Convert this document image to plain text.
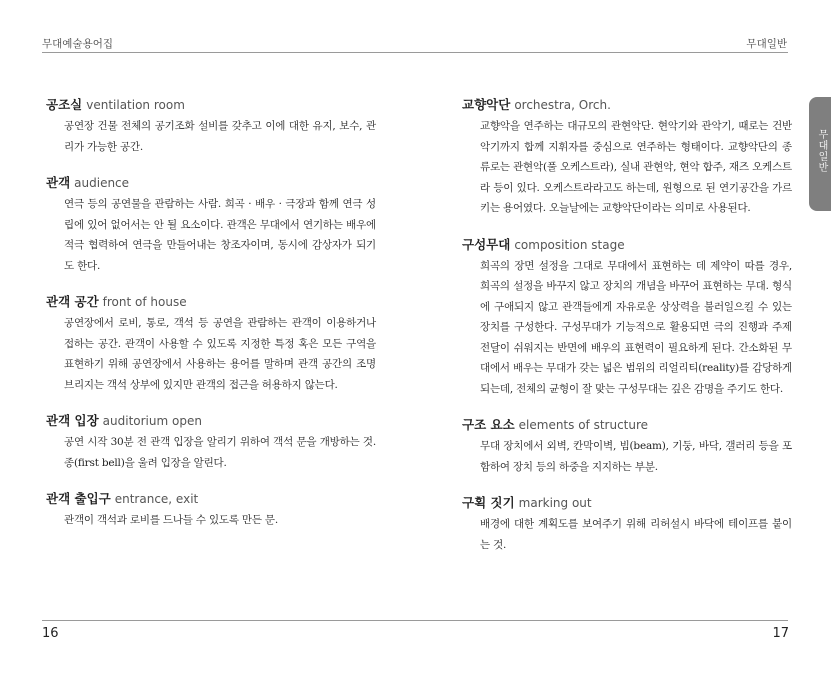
무대예술용어집	무대일반
공조실 ventilation room

공연장 건물 전체의 공기조화 설비를 갖추고 이에 대한 유지, 보수, 관리가 가능한 공간.

관객 audience

연극 등의 공연물을 관람하는 사람. 희곡 · 배우 · 극장과 함께 연극 성립에 있어 없어서는 안 될 요소이다. 관객은 무대에서 연기하는 배우에 적극 협력하여 연극을 만들어내는 창조자이며, 동시에 감상자가 되기도 한다.

관객 공간 front of house

공연장에서 로비, 통로, 객석 등 공연을 관람하는 관객이 이용하거나 접하는 공간. 관객이 사용할 수 있도록 지정한 특정 혹은 모든 구역을 표현하기 위해 공연장에서 사용하는 용어를 말하며 관객 공간의 조명브리지는 객석 상부에 있지만 관객의 접근을 허용하지 않는다.

관객 입장 auditorium open

공연 시작 30분 전 관객 입장을 알리기 위하여 객석 문을 개방하는 것. 종(first bell)을 울려 입장을 알린다.

관객 출입구 entrance, exit

관객이 객석과 로비를 드나들 수 있도록 만든 문.

교향악단 orchestra, Orch.

교향악을 연주하는 대규모의 관현악단. 현악기와 관악기, 때로는 건반 악기까지 합께 지휘자를 중심으로 연주하는 형태이다. 교향악단의 종류로는 관현악(풀 오케스트라), 실내 관현악, 현악 합주, 재즈 오케스트라 등이 있다. 오케스트라라고도 하는데, 원형으로 된 연기공간을 가르키는 용어였다. 오늘날에는 교향악단이라는 의미로 사용된다.

구성무대 composition stage

희곡의 장면 설정을 그대로 무대에서 표현하는 데 제약이 따를 경우, 희곡의 설정을 바꾸지 않고 장치의 개념을 바꾸어 표현하는 무대. 형식에 구애되지 않고 관객들에게 자유로운 상상력을 불러일으킬 수 있는 장치를 구성한다. 구성무대가 기능적으로 활용되면 극의 진행과 주제 전달이 쉬워지는 반면에 배우의 표현력이 필요하게 된다. 간소화된 무대에서 배우는 무대가 갖는 넓은 범위의 리얼리티(reality)를 감당하게 되는데, 전체의 균형이 잘 맞는 구성무대는 깊은 감명을 주기도 한다.

구조 요소 elements of structure

무대 장치에서 외벽, 칸막이벽, 빔(beam), 기둥, 바닥, 갤러리 등을 포함하여 장치 등의 하중을 지지하는 부분.

구획 짓기 marking out

배경에 대한 계획도를 보여주기 위해 리허설시 바닥에 테이프를 붙이는 것.

무대일반
16	17
